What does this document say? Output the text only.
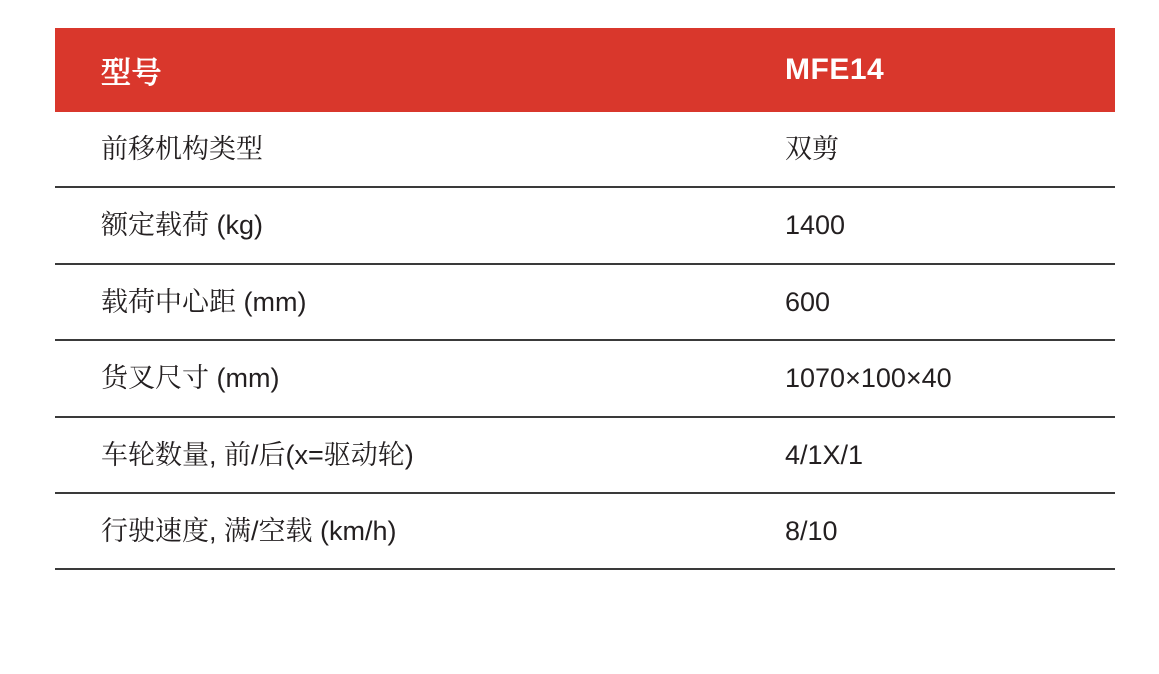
型号	MFE14
前移机构类型	双剪
额定载荷 (kg)	1400
载荷中心距 (mm)	600
货叉尺寸 (mm)	1070×100×40
车轮数量, 前/后(x=驱动轮)	4/1X/1
行驶速度, 满/空载 (km/h)	8/10
